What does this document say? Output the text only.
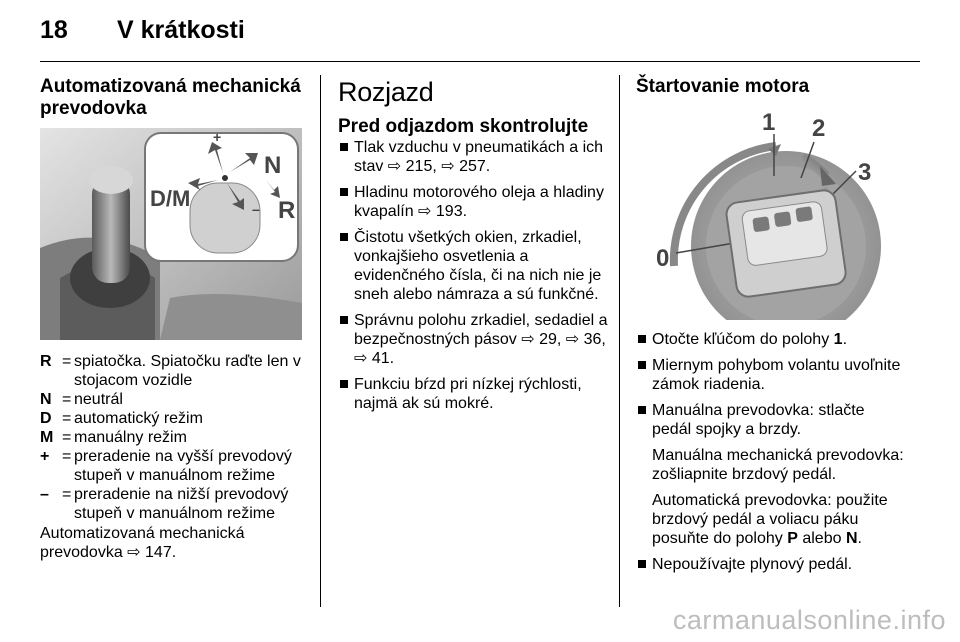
18 V krátkosti
Automatizovaná mechanická prevodovka
N
R
D/M
+
–
R = spiatočka. Spiatočku raďte len v stojacom vozidle
N = neutrál
D = automatický režim
M = manuálny režim
+ = preradenie na vyšší prevodový stupeň v manuálnom režime
– = preradenie na nižší prevodový stupeň v manuálnom režime
Automatizovaná mechanická prevodovka ⇨ 147.
Rozjazd
Pred odjazdom skontrolujte
Tlak vzduchu v pneumatikách a ich stav ⇨ 215, ⇨ 257.
Hladinu motorového oleja a hladiny kvapalín ⇨ 193.
Čistotu všetkých okien, zrkadiel, vonkajšieho osvetlenia a evidenčného čísla, či na nich nie je sneh alebo námraza a sú funkčné.
Správnu polohu zrkadiel, sedadiel a bezpečnostných pásov ⇨ 29, ⇨ 36, ⇨ 41.
Funkciu bŕzd pri nízkej rýchlosti, najmä ak sú mokré.
Štartovanie motora
0
1 2
3
Otočte kľúčom do polohy 1.
Miernym pohybom volantu uvoľnite zámok riadenia.
Manuálna prevodovka: stlačte pedál spojky a brzdy.
Manuálna mechanická prevodovka: zošliapnite brzdový pedál.
Automatická prevodovka: použite brzdový pedál a voliacu páku posuňte do polohy P alebo N.
Nepoužívajte plynový pedál.
carmanualsonline.info
